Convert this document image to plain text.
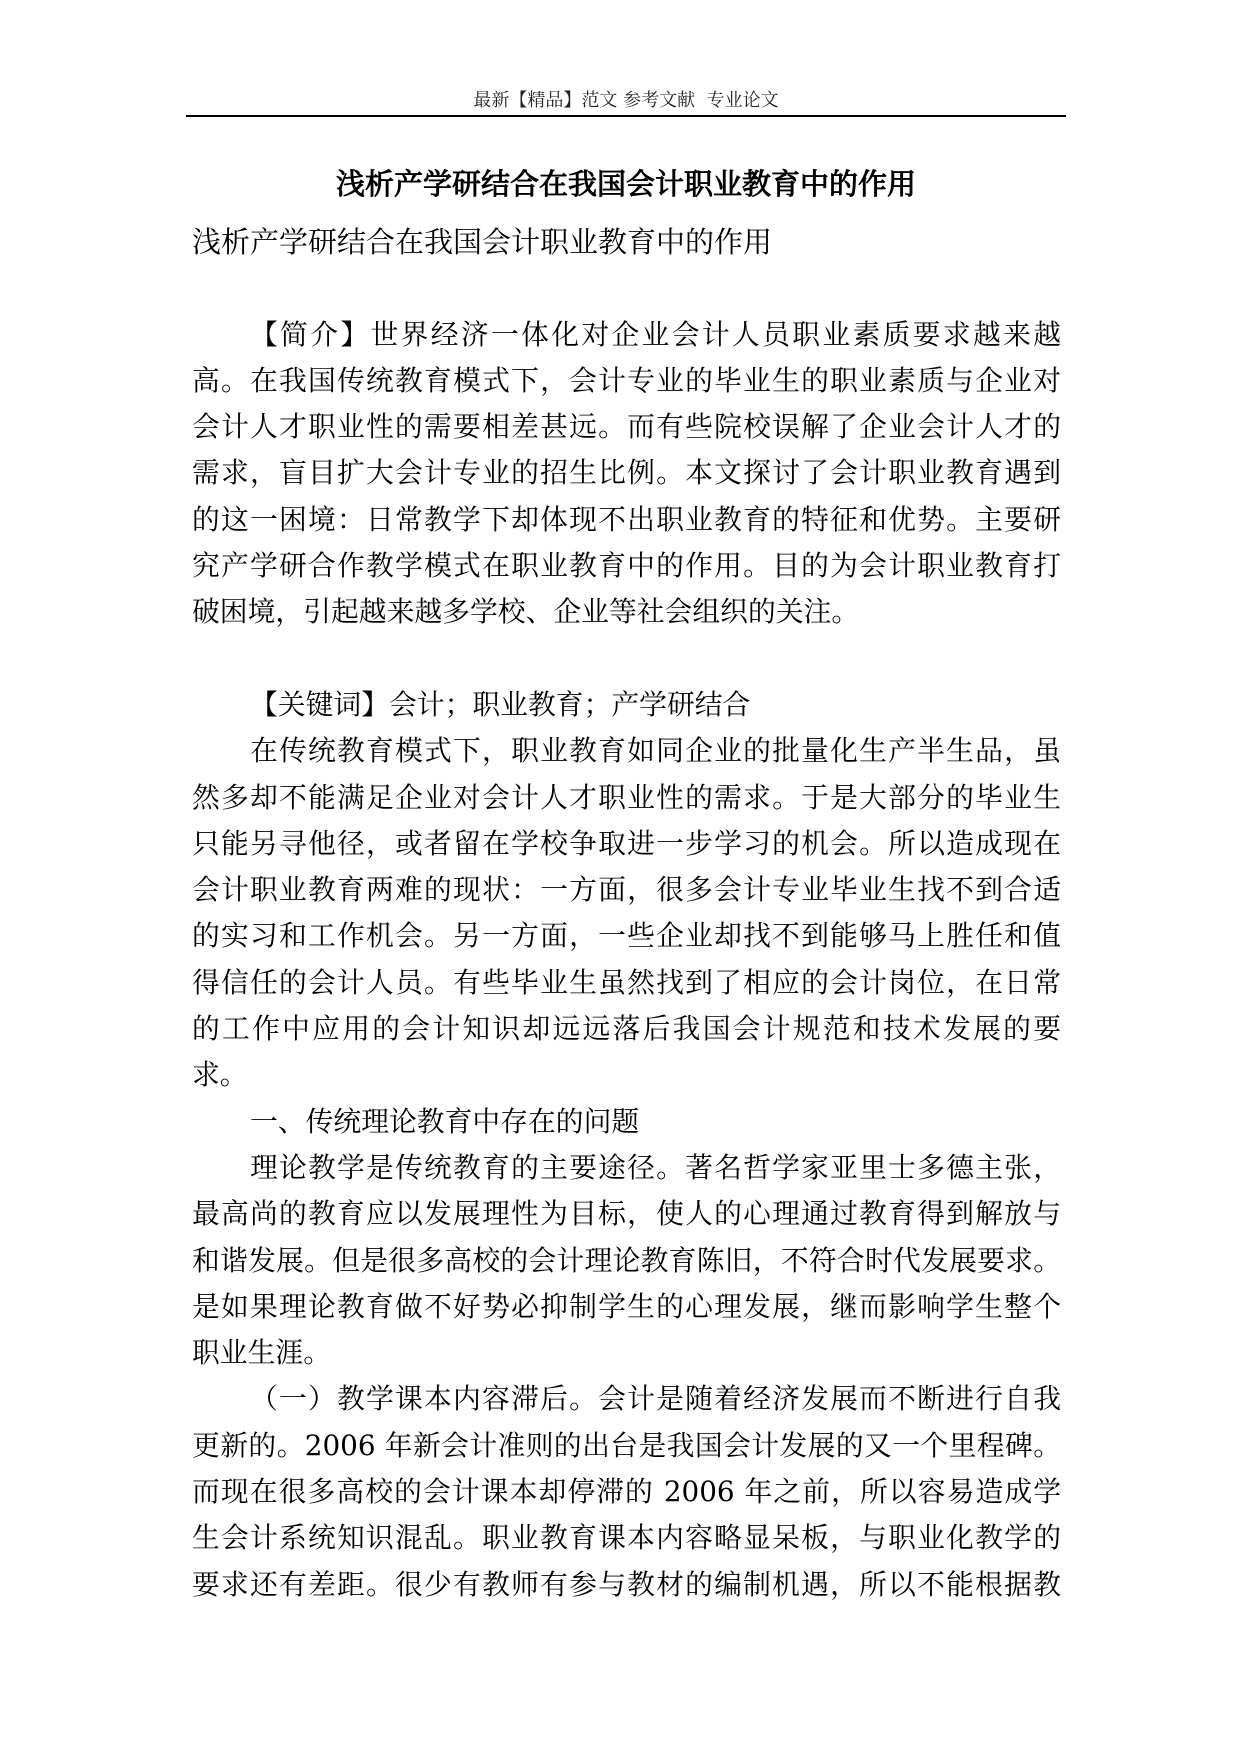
最新【精品】范文 参考文献  专业论文
浅析产学研结合在我国会计职业教育中的作用
浅析产学研结合在我国会计职业教育中的作用
【简介】世界经济一体化对企业会计人员职业素质要求越来越
高。在我国传统教育模式下，会计专业的毕业生的职业素质与企业对
会计人才职业性的需要相差甚远。而有些院校误解了企业会计人才的
需求，盲目扩大会计专业的招生比例。本文探讨了会计职业教育遇到
的这一困境：日常教学下却体现不出职业教育的特征和优势。主要研
究产学研合作教学模式在职业教育中的作用。目的为会计职业教育打
破困境，引起越来越多学校、企业等社会组织的关注。
【关键词】会计；职业教育；产学研结合
在传统教育模式下，职业教育如同企业的批量化生产半生品，虽
然多却不能满足企业对会计人才职业性的需求。于是大部分的毕业生
只能另寻他径，或者留在学校争取进一步学习的机会。所以造成现在
会计职业教育两难的现状：一方面，很多会计专业毕业生找不到合适
的实习和工作机会。另一方面，一些企业却找不到能够马上胜任和值
得信任的会计人员。有些毕业生虽然找到了相应的会计岗位，在日常
的工作中应用的会计知识却远远落后我国会计规范和技术发展的要
求。
一、传统理论教育中存在的问题
理论教学是传统教育的主要途径。著名哲学家亚里士多德主张，
最高尚的教育应以发展理性为目标，使人的心理通过教育得到解放与
和谐发展。但是很多高校的会计理论教育陈旧，不符合时代发展要求。
是如果理论教育做不好势必抑制学生的心理发展，继而影响学生整个
职业生涯。
（一）教学课本内容滞后。会计是随着经济发展而不断进行自我
更新的。2006 年新会计准则的出台是我国会计发展的又一个里程碑。
而现在很多高校的会计课本却停滞的 2006 年之前，所以容易造成学
生会计系统知识混乱。职业教育课本内容略显呆板，与职业化教学的
要求还有差距。很少有教师有参与教材的编制机遇，所以不能根据教
